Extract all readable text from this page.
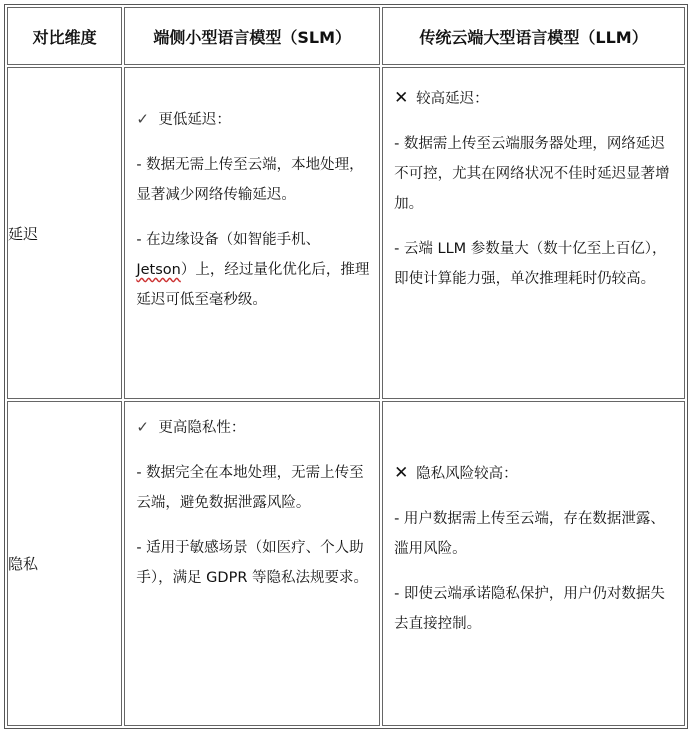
对比维度	端侧小型语言模型（SLM）	传统云端大型语言模型（LLM）
延迟	✓ 更低延迟：
- 数据无需上传至云端，本地处理，显著减少网络传输延迟。
- 在边缘设备（如智能手机、Jetson）上，经过量化优化后，推理延迟可低至毫秒级。	✕ 较高延迟：
- 数据需上传至云端服务器处理，网络延迟不可控，尤其在网络状况不佳时延迟显著增加。
- 云端 LLM 参数量大（数十亿至上百亿），即使计算能力强，单次推理耗时仍较高。

隐私	✓ 更高隐私性：
- 数据完全在本地处理，无需上传至云端，避免数据泄露风险。
- 适用于敏感场景（如医疗、个人助手），满足 GDPR 等隐私法规要求。	✕ 隐私风险较高：
- 用户数据需上传至云端，存在数据泄露、滥用风险。
- 即使云端承诺隐私保护，用户仍对数据失去直接控制。
